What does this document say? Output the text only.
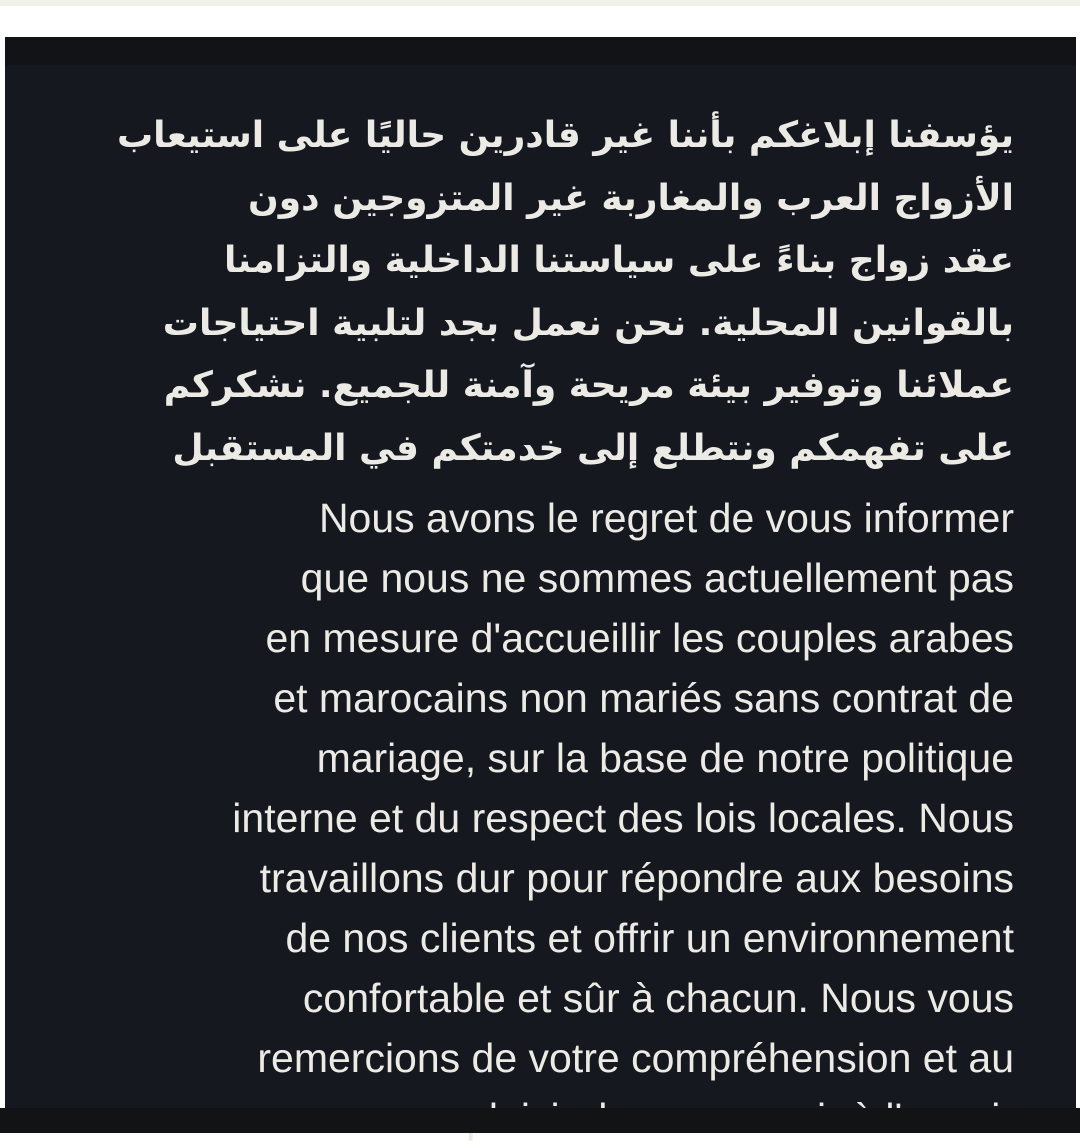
يؤسفنا إبلاغكم بأننا غير قادرين حاليًا على استيعاب
الأزواج العرب والمغاربة غير المتزوجين دون
عقد زواج بناءً على سياستنا الداخلية والتزامنا
بالقوانين المحلية. نحن نعمل بجد لتلبية احتياجات
عملائنا وتوفير بيئة مريحة وآمنة للجميع. نشكركم
على تفهمكم ونتطلع إلى خدمتكم في المستقبل
Nous avons le regret de vous informer
que nous ne sommes actuellement pas
en mesure d'accueillir les couples arabes
et marocains non mariés sans contrat de
mariage, sur la base de notre politique
interne et du respect des lois locales. Nous
travaillons dur pour répondre aux besoins
de nos clients et offrir un environnement
confortable et sûr à chacun. Nous vous
remercions de votre compréhension et au
